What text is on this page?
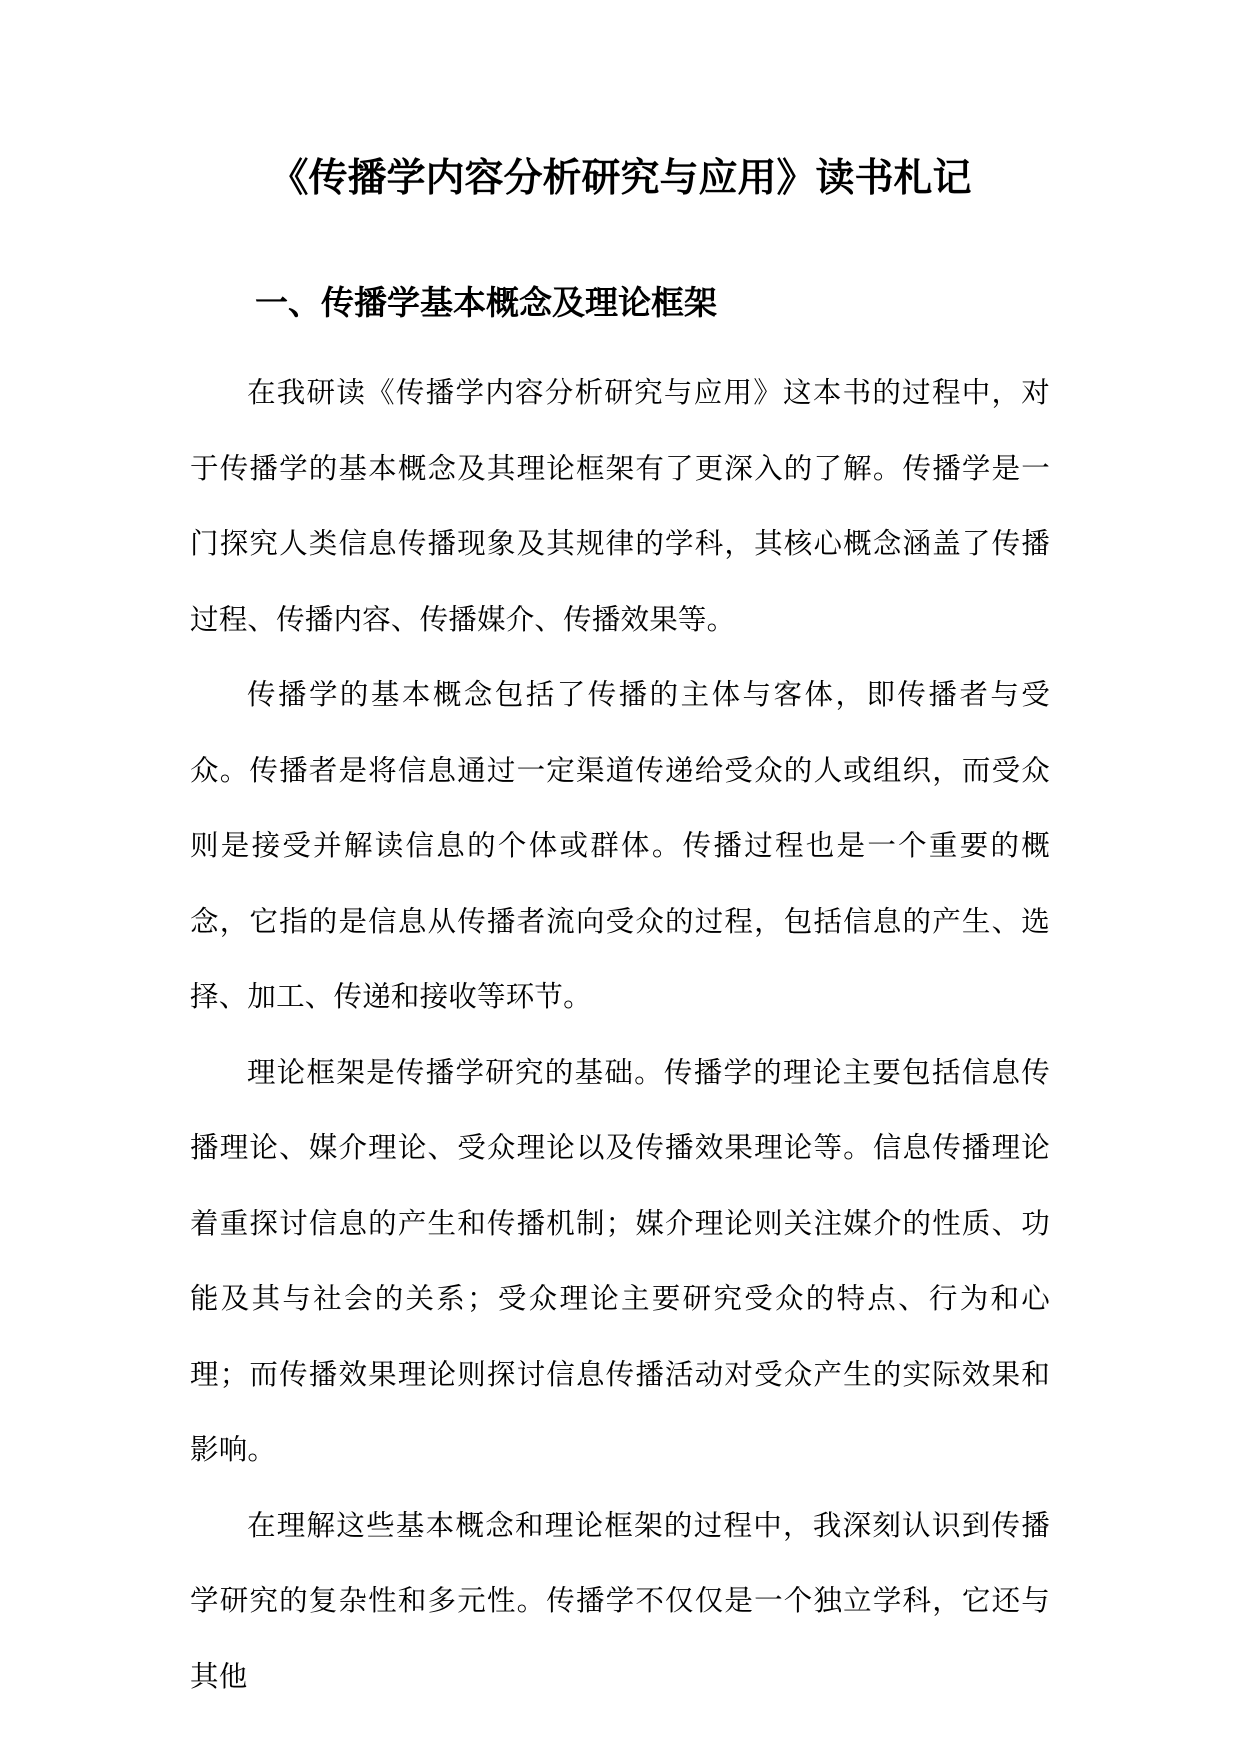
《传播学内容分析研究与应用》读书札记
一、传播学基本概念及理论框架

在我研读《传播学内容分析研究与应用》这本书的过程中，对于传播学的基本概念及其理论框架有了更深入的了解。传播学是一门探究人类信息传播现象及其规律的学科，其核心概念涵盖了传播过程、传播内容、传播媒介、传播效果等。

传播学的基本概念包括了传播的主体与客体，即传播者与受众。传播者是将信息通过一定渠道传递给受众的人或组织，而受众则是接受并解读信息的个体或群体。传播过程也是一个重要的概念，它指的是信息从传播者流向受众的过程，包括信息的产生、选择、加工、传递和接收等环节。

理论框架是传播学研究的基础。传播学的理论主要包括信息传播理论、媒介理论、受众理论以及传播效果理论等。信息传播理论着重探讨信息的产生和传播机制；媒介理论则关注媒介的性质、功能及其与社会的关系；受众理论主要研究受众的特点、行为和心理；而传播效果理论则探讨信息传播活动对受众产生的实际效果和影响。

在理解这些基本概念和理论框架的过程中，我深刻认识到传播学研究的复杂性和多元性。传播学不仅仅是一个独立学科，它还与其他
